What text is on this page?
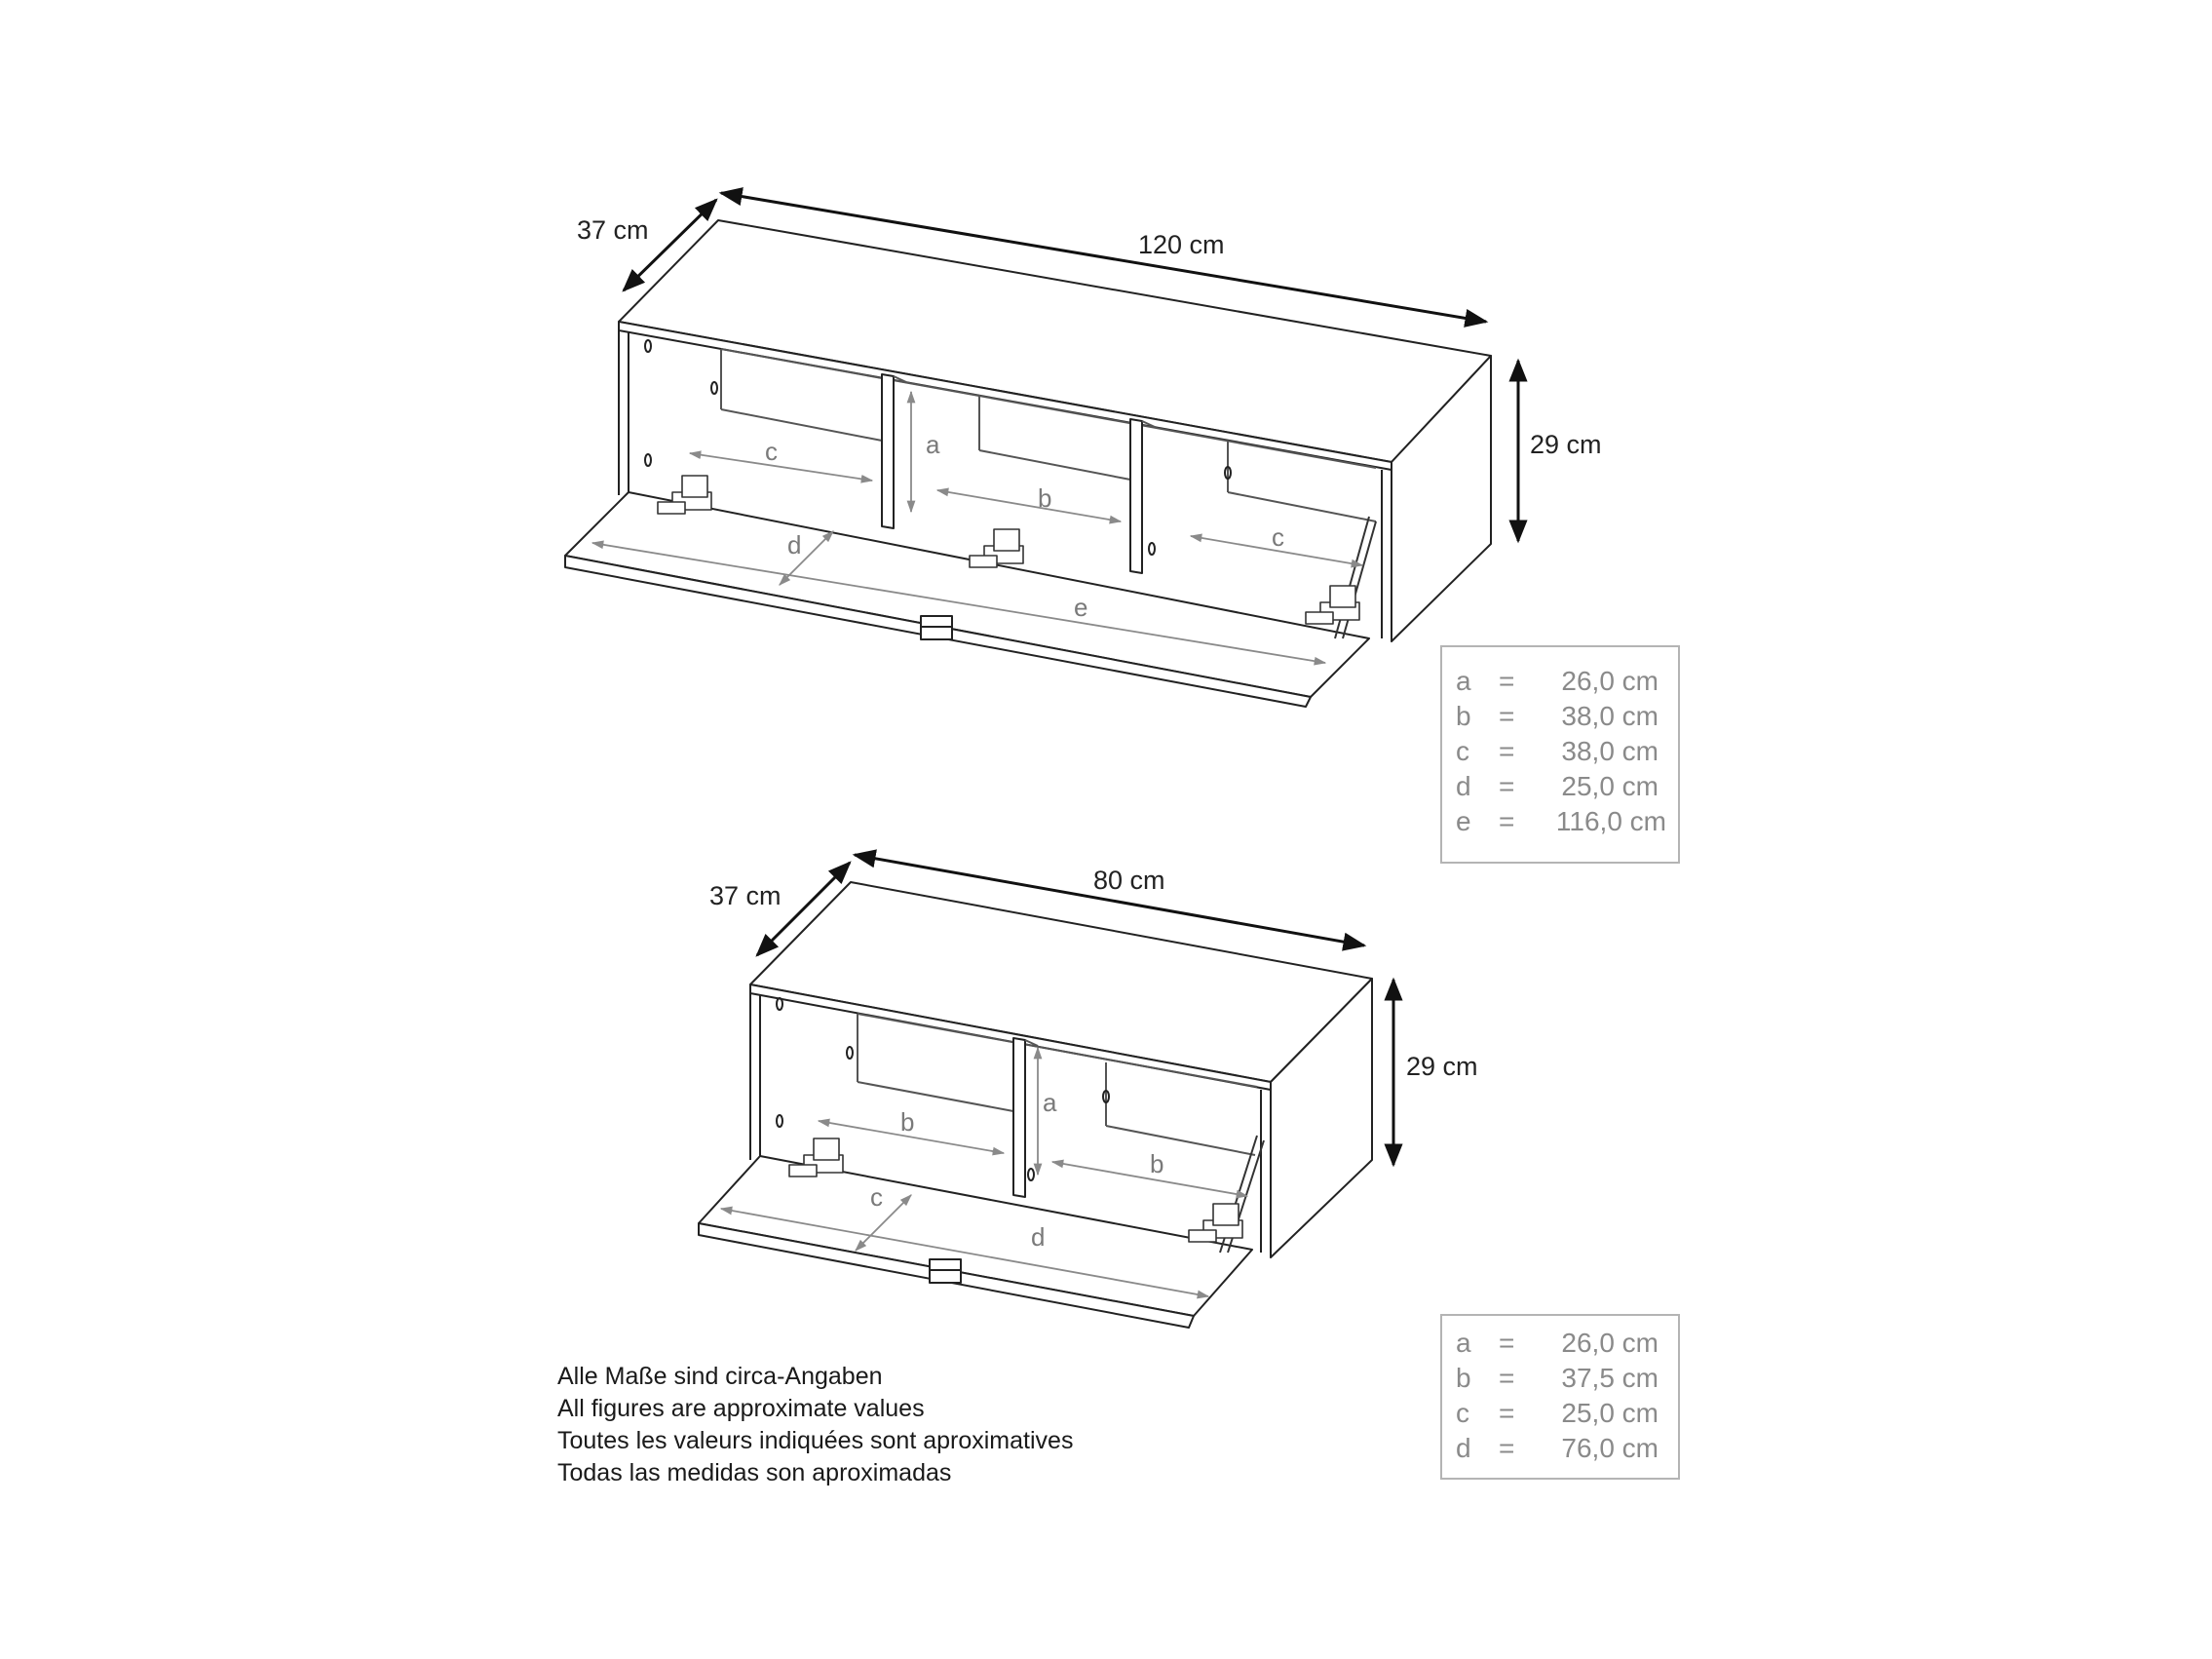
a
b
c
c
d
e
120 cm
37 cm
29 cm
a
b
b
c
d
80 cm
37 cm
29 cm
a = 26,0 cm
b = 38,0 cm
c = 38,0 cm
d = 25,0 cm
e = 116,0 cm
a = 26,0 cm
b = 37,5 cm
c = 25,0 cm
d = 76,0 cm
Alle Maße sind circa-Angaben
All figures are approximate values
Toutes les valeurs indiquées sont aproximatives
Todas las medidas son aproximadas
